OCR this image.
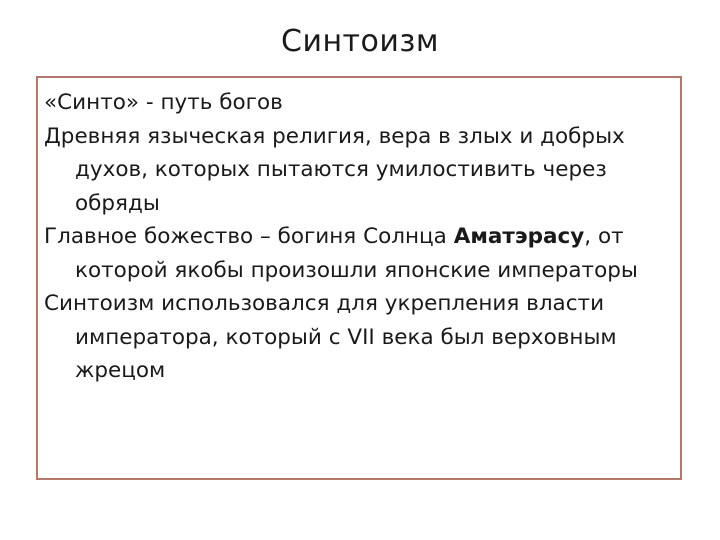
Синтоизм
«Синто» - путь богов
Древняя языческая религия, вера в злых и добрых духов, которых пытаются умилостивить через обряды
Главное божество – богиня Солнца Аматэрасу, от которой якобы произошли японские императоры
Синтоизм использовался для укрепления власти императора, который с VII века был верховным жрецом
